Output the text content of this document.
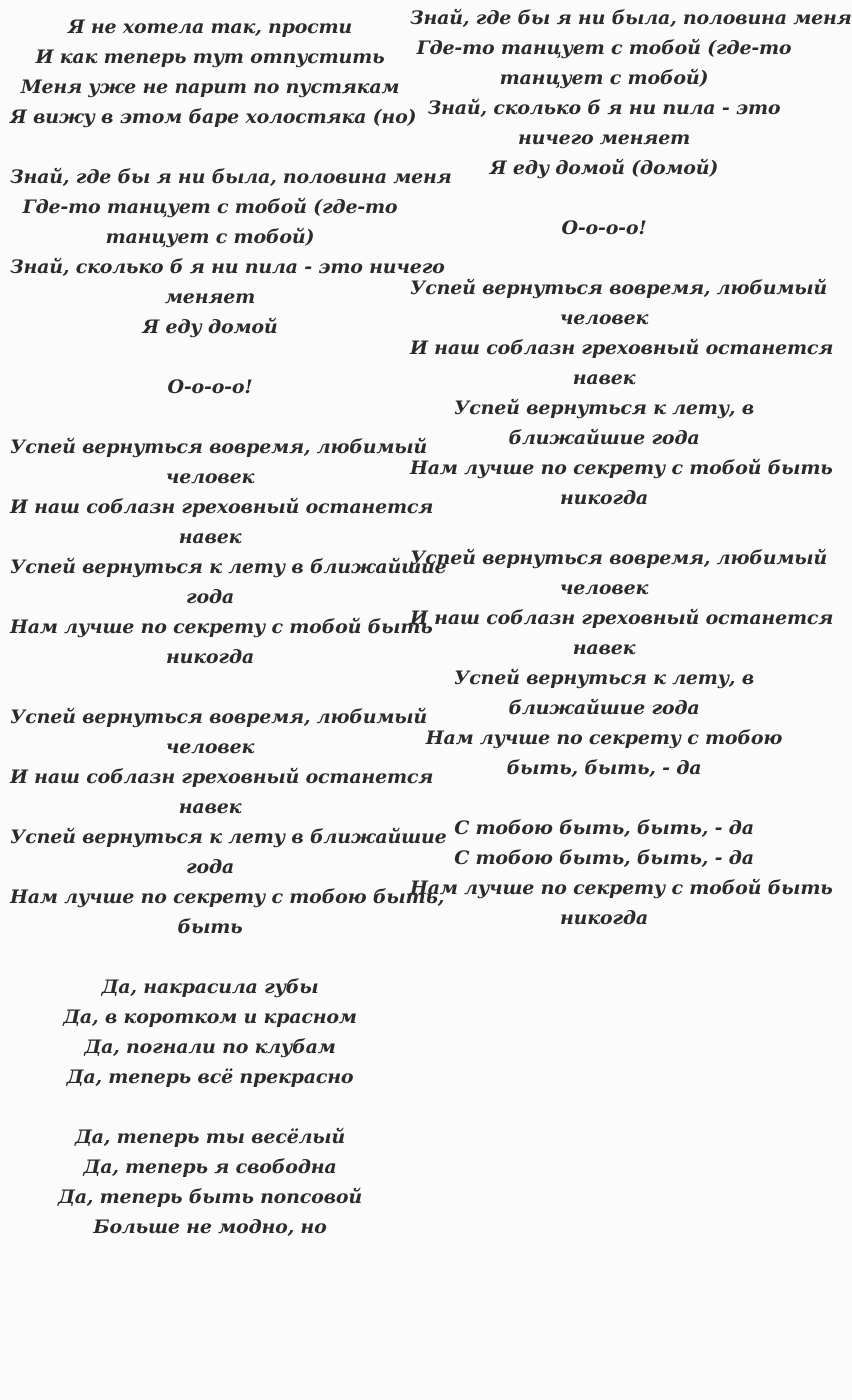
Я не хотела так, прости
И как теперь тут отпустить
Меня уже не парит по пустякам
Я вижу в этом баре холостяка (но)
Знай, где бы я ни была, половина меня
Где-то танцует с тобой (где-то
танцует с тобой)
Знай, сколько б я ни пила - это ничего
меняет
Я еду домой
О-о-о-о!
Успей вернуться вовремя, любимый
человек
И наш соблазн греховный останется
навек
Успей вернуться к лету в ближайшие
года
Нам лучше по секрету с тобой быть
никогда
Успей вернуться вовремя, любимый
человек
И наш соблазн греховный останется
навек
Успей вернуться к лету в ближайшие
года
Нам лучше по секрету с тобою быть,
быть
Да, накрасила губы
Да, в коротком и красном
Да, погнали по клубам
Да, теперь всё прекрасно
Да, теперь ты весёлый
Да, теперь я свободна
Да, теперь быть попсовой
Больше не модно, но
Знай, где бы я ни была, половина меня
Где-то танцует с тобой (где-то
танцует с тобой)
Знай, сколько б я ни пила - это
ничего меняет
Я еду домой (домой)
О-о-о-о!
Успей вернуться вовремя, любимый
человек
И наш соблазн греховный останется
навек
Успей вернуться к лету, в
ближайшие года
Нам лучше по секрету с тобой быть
никогда
Успей вернуться вовремя, любимый
человек
И наш соблазн греховный останется
навек
Успей вернуться к лету, в
ближайшие года
Нам лучше по секрету с тобою
быть, быть, - да
С тобою быть, быть, - да
С тобою быть, быть, - да
Нам лучше по секрету с тобой быть
никогда
